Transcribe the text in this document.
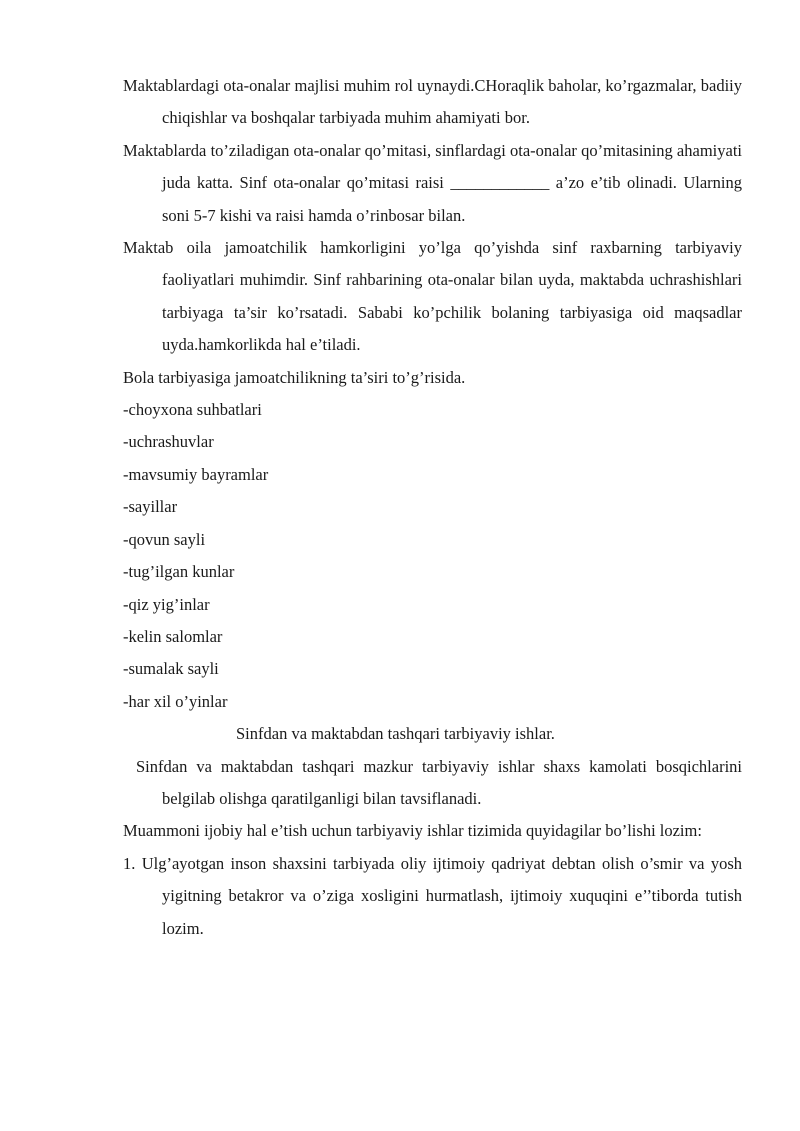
Maktablardagi ota-onalar majlisi muhim rol uynaydi.CHoraqlik baholar, ko’rgazmalar, badiiy chiqishlar va boshqalar tarbiyada muhim ahamiyati bor.

Maktablarda to’ziladigan ota-onalar qo’mitasi, sinflardagi ota-onalar qo’mitasining ahamiyati juda katta. Sinf ota-onalar qo’mitasi raisi ____________ a’zo e’tib olinadi. Ularning soni 5-7 kishi va raisi hamda o’rinbosar bilan.

Maktab oila jamoatchilik hamkorligini yo’lga qo’yishda sinf raxbarning tarbiyaviy faoliyatlari muhimdir. Sinf rahbarining ota-onalar bilan uyda, maktabda uchrashishlari tarbiyaga ta’sir ko’rsatadi. Sababi ko’pchilik bolaning tarbiyasiga oid maqsadlar uyda.hamkorlikda hal e’tiladi.

Bola tarbiyasiga jamoatchilikning ta’siri to’g’risida.

-choyxona suhbatlari

-uchrashuvlar

-mavsumiy bayramlar

-sayillar

-qovun sayli

-tug’ilgan kunlar

-qiz yig’inlar

-kelin salomlar

-sumalak sayli

-har xil o’yinlar

Sinfdan va maktabdan tashqari tarbiyaviy ishlar.

Sinfdan va maktabdan tashqari mazkur tarbiyaviy ishlar shaxs kamolati bosqichlarini belgilab olishga qaratilganligi bilan tavsiflanadi.

Muammoni ijobiy hal e’tish uchun tarbiyaviy ishlar tizimida quyidagilar bo’lishi lozim:

1. Ulg’ayotgan inson shaxsini tarbiyada oliy ijtimoiy qadriyat debtan olish o’smir va yosh yigitning betakror va o’ziga xosligini hurmatlash, ijtimoiy xuquqini e’’tiborda tutish lozim.
